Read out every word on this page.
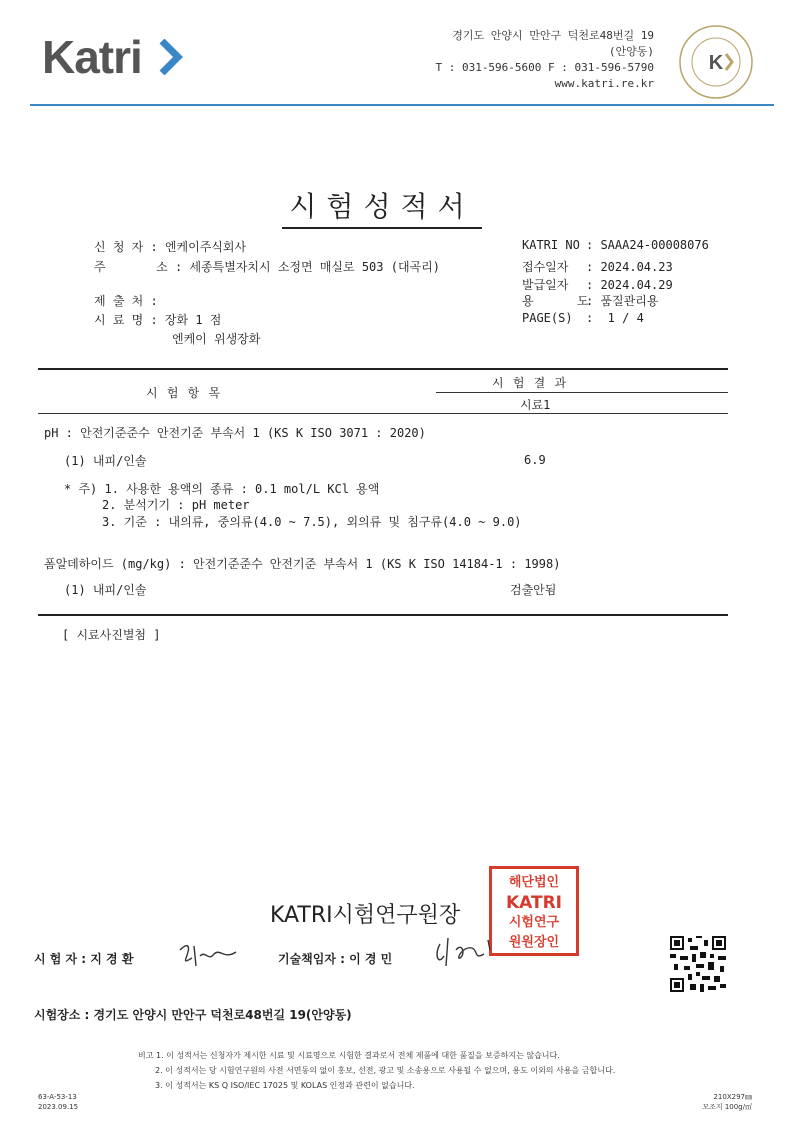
Katri	경기도 안양시 만안구 덕천로48번길 19
(안양동)
T : 031-596-5600 F : 031-596-5790
www.katri.re.kr
K
시험성적서
신 청 자 : 엔케이주식회사
주       소 : 세종특별자치시 소정면 매실로 503 (대곡리)
제 출 처 :
시 료 명 : 장화 1 점
엔케이 위생장화
KATRI NO : SAAA24-00008076
접수일자 : 2024.04.23
발급일자 : 2024.04.29
용      도: 품질관리용
PAGE(S) :  1 / 4
시 험 항 목
시 험 결 과
시료1
pH : 안전기준준수 안전기준 부속서 1 (KS K ISO 3071 : 2020)
(1) 내피/인솔	6.9
* 주) 1. 사용한 용액의 종류 : 0.1 mol/L KCl 용액
2. 분석기기 : pH meter
3. 기준 : 내의류, 중의류(4.0 ~ 7.5), 외의류 및 침구류(4.0 ~ 9.0)
폼알데하이드 (mg/kg) : 안전기준준수 안전기준 부속서 1 (KS K ISO 14184-1 : 1998)
(1) 내피/인솔	검출안됨
[ 시료사진별첨 ]
KATRI시험연구원장
해단법인
KATRI
시험연구
원원장인
시 험 자 : 지 경 환	기술책임자 : 이 경 민
시험장소 : 경기도 안양시 만안구 덕천로48번길 19(안양동)
비고 1. 이 성적서는 신청자가 제시한 시료 및 시료명으로 시험한 결과로서 전체 제품에 대한 품질을 보증하지는 않습니다.
2. 이 성적서는 당 시험연구원의 사전 서면동의 없이 홍보, 선전, 광고 및 소송용으로 사용될 수 없으며, 용도 이외의 사용을 금합니다.
3. 이 성적서는 KS Q ISO/IEC 17025 및 KOLAS 인정과 관련이 없습니다.
63-A-53-13
2023.09.15
210X297㎜
모조지 100g/㎡
